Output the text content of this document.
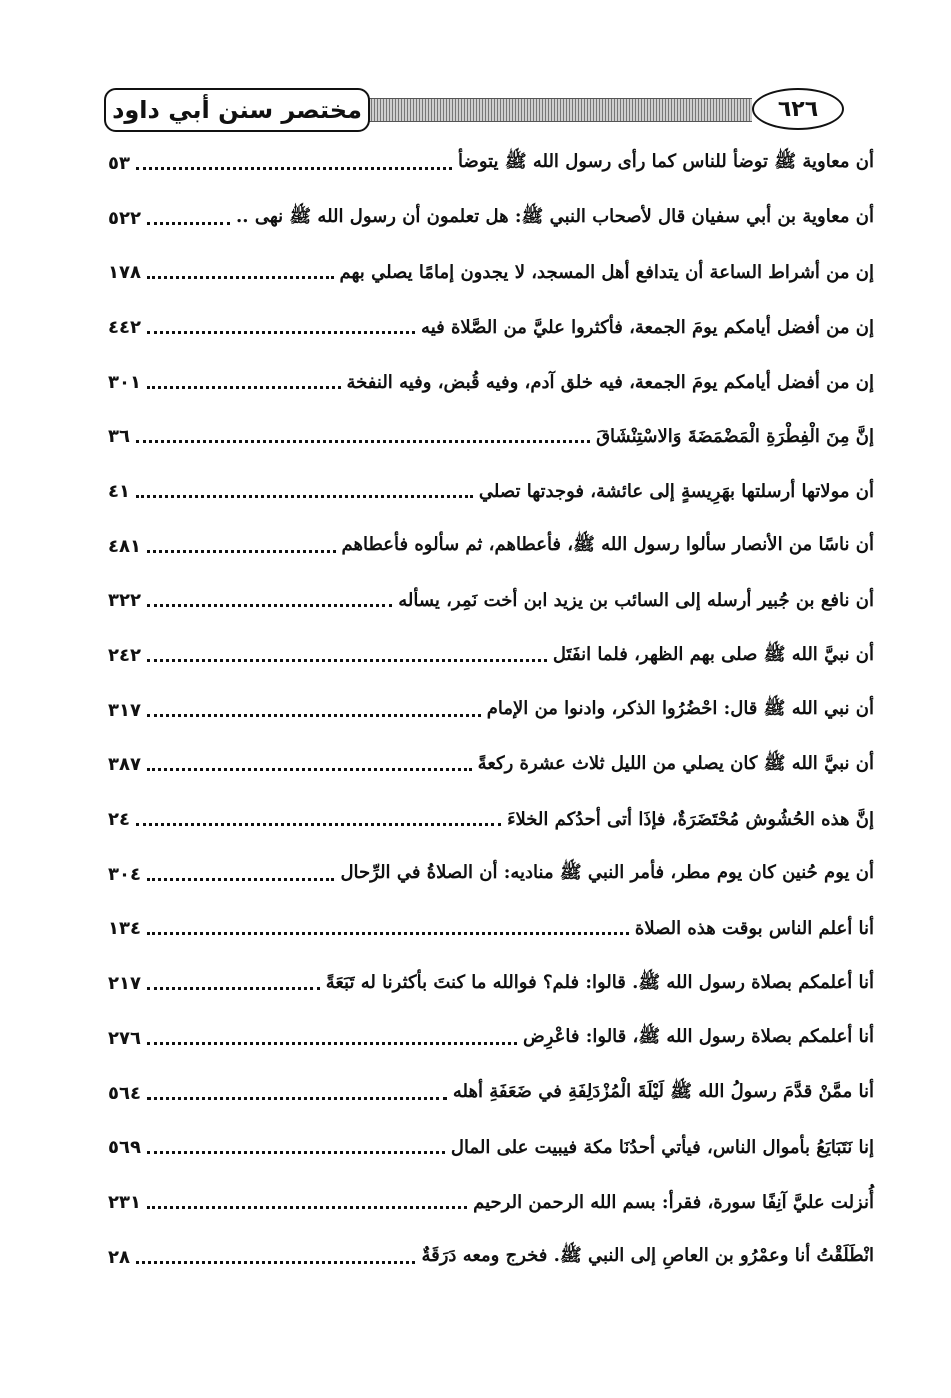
مختصر سنن أبي داود	٦٢٦
أن معاوية ﷺ توضأ للناس كما رأى رسول الله ﷺ يتوضأ
٥٣
أن معاوية بن أبي سفيان قال لأصحاب النبي ﷺ: هل تعلمون أن رسول الله ﷺ نهى ..
٥٢٢
إن من أشراط الساعة أن يتدافع أهل المسجد، لا يجدون إمامًا يصلي بهم
١٧٨
إن من أفضل أيامكم يومَ الجمعة، فأكثروا عليَّ من الصَّلاة فيه
٤٤٢
إن من أفضل أيامكم يومَ الجمعة، فيه خلق آدم، وفيه قُبض، وفيه النفخة
٣٠١
إنَّ مِنَ الْفِطْرَةِ الْمَضْمَضَةَ وَالاسْتِنْشَاقَ
٣٦
أن مولاتها أرسلتها بهَرِيسةٍ إلى عائشة، فوجدتها تصلي
٤١
أن ناسًا من الأنصار سألوا رسول الله ﷺ، فأعطاهم، ثم سألوه فأعطاهم
٤٨١
أن نافع بن جُبير أرسله إلى السائب بن يزيد ابن أخت نَمِر، يسأله
٣٢٢
أن نبيَّ الله ﷺ صلى بهم الظهر، فلما انفَتَل
٢٤٢
أن نبي الله ﷺ قال: احْضُرُوا الذكر، وادنوا من الإمام
٣١٧
أن نبيَّ الله ﷺ كان يصلي من الليل ثلاث عشرة ركعةً
٣٨٧
إنَّ هذه الحُشُوش مُحْتَضَرَةٌ، فإذَا أتى أحدُكم الخلاءَ
٢٤
أن يوم حُنين كان يوم مطر، فأمر النبي ﷺ مناديه: أن الصلاةُ في الرِّحال
٣٠٤
أنا أعلم الناس بوقت هذه الصلاة
١٣٤
أنا أعلمكم بصلاة رسول الله ﷺ. قالوا: فلم؟ فوالله ما كنتَ بأكثرنا له تَبَعَةً
٢١٧
أنا أعلمكم بصلاة رسول الله ﷺ، قالوا: فاعْرِض
٢٧٦
أنا ممَّنْ قدَّمَ رسولُ الله ﷺ لَيْلَةَ الْمُزْدَلِفَةِ في ضَعَفَةِ أهله
٥٦٤
إنا نَتَبَايَعُ بأموال الناس، فيأتي أحدُنَا مكة فيبيت على المال
٥٦٩
أُنزلت عليَّ آنِفًا سورة، فقرأ: بسم الله الرحمن الرحيم
٢٣١
انْطَلَقْتُ أنا وعمْرُو بن العاصِ إلى النبي ﷺ. فخرج ومعه دَرَقَةٌ
٢٨
